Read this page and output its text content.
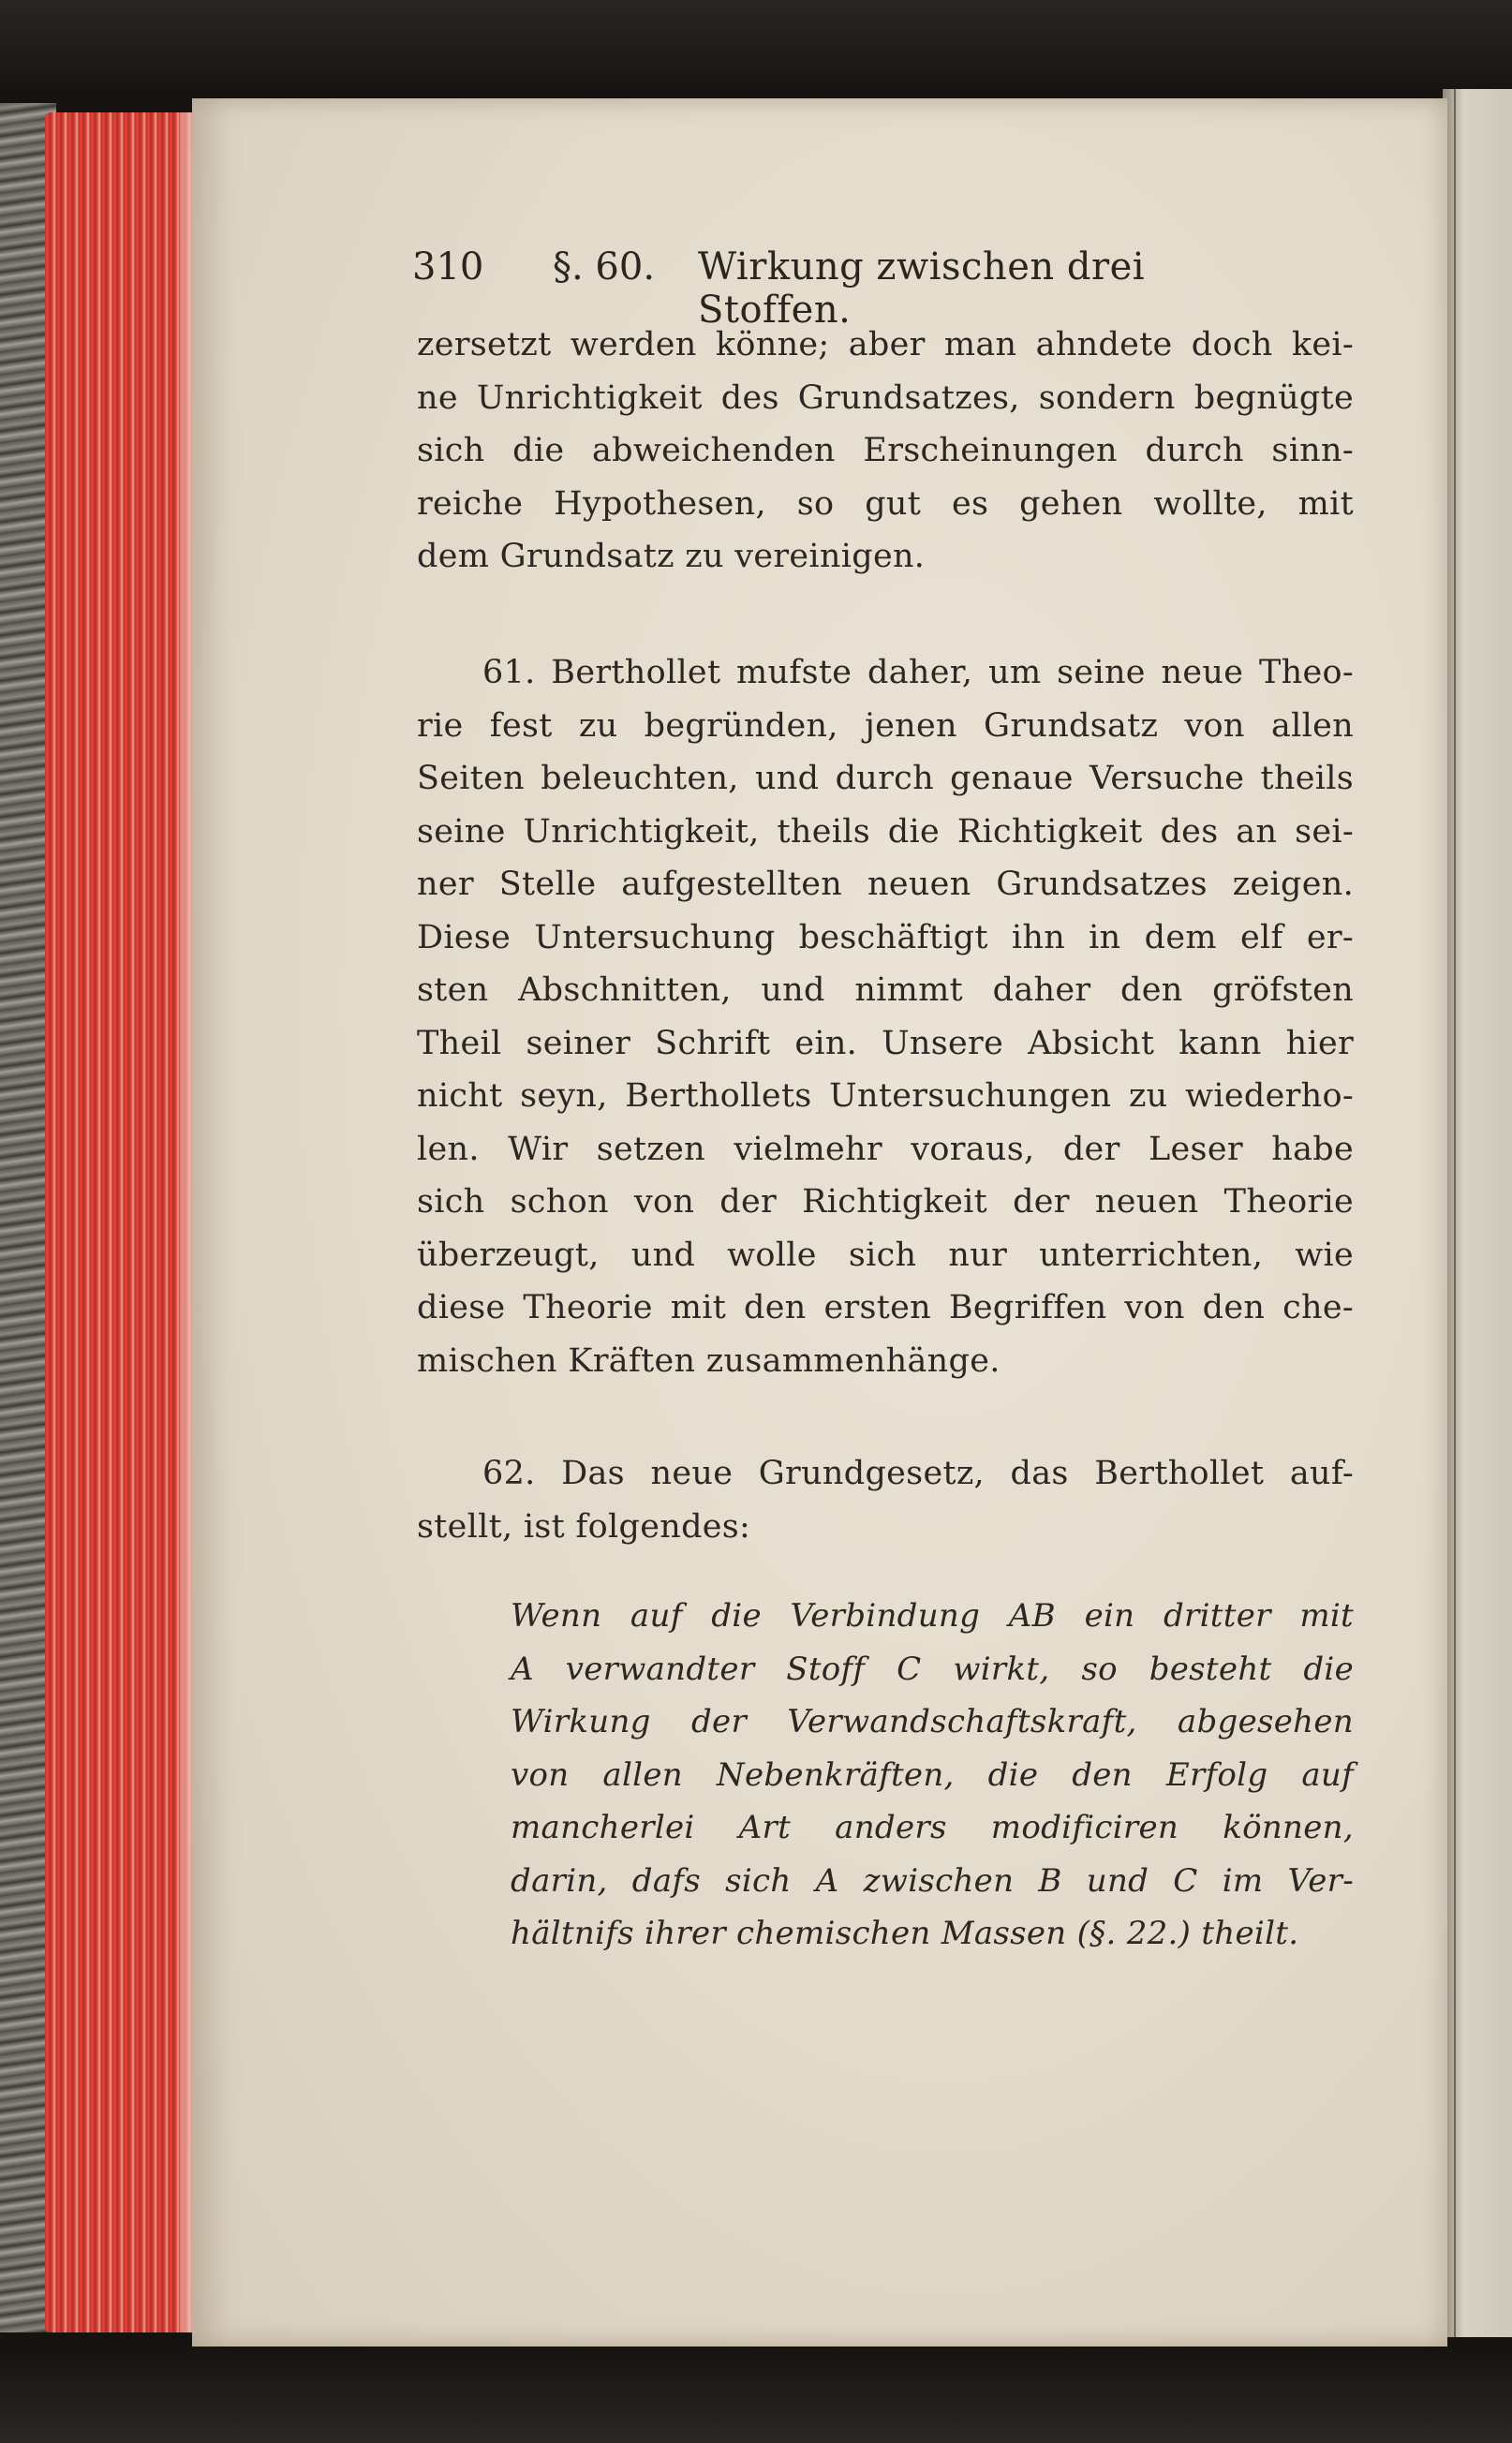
310 §. 60. Wirkung zwischen drei Stoffen.
zersetzt werden könne; aber man ahndete doch kei-
ne Unrichtigkeit des Grundsatzes, sondern begnügte
sich die abweichenden Erscheinungen durch sinn-
reiche Hypothesen, so gut es gehen wollte, mit
dem Grundsatz zu vereinigen.
61. Berthollet mufste daher, um seine neue Theo-
rie fest zu begründen, jenen Grundsatz von allen
Seiten beleuchten, und durch genaue Versuche theils
seine Unrichtigkeit, theils die Richtigkeit des an sei-
ner Stelle aufgestellten neuen Grundsatzes zeigen.
Diese Untersuchung beschäftigt ihn in dem elf er-
sten Abschnitten, und nimmt daher den gröfsten
Theil seiner Schrift ein. Unsere Absicht kann hier
nicht seyn, Berthollets Untersuchungen zu wiederho-
len. Wir setzen vielmehr voraus, der Leser habe
sich schon von der Richtigkeit der neuen Theorie
überzeugt, und wolle sich nur unterrichten, wie
diese Theorie mit den ersten Begriffen von den che-
mischen Kräften zusammenhänge.
62. Das neue Grundgesetz, das Berthollet auf-
stellt, ist folgendes:
Wenn auf die Verbindung AB ein dritter mit
A verwandter Stoff C wirkt, so besteht die
Wirkung der Verwandschaftskraft, abgesehen
von allen Nebenkräften, die den Erfolg auf
mancherlei Art anders modificiren können,
darin, dafs sich A zwischen B und C im Ver-
hältnifs ihrer chemischen Massen (§. 22.) theilt.
